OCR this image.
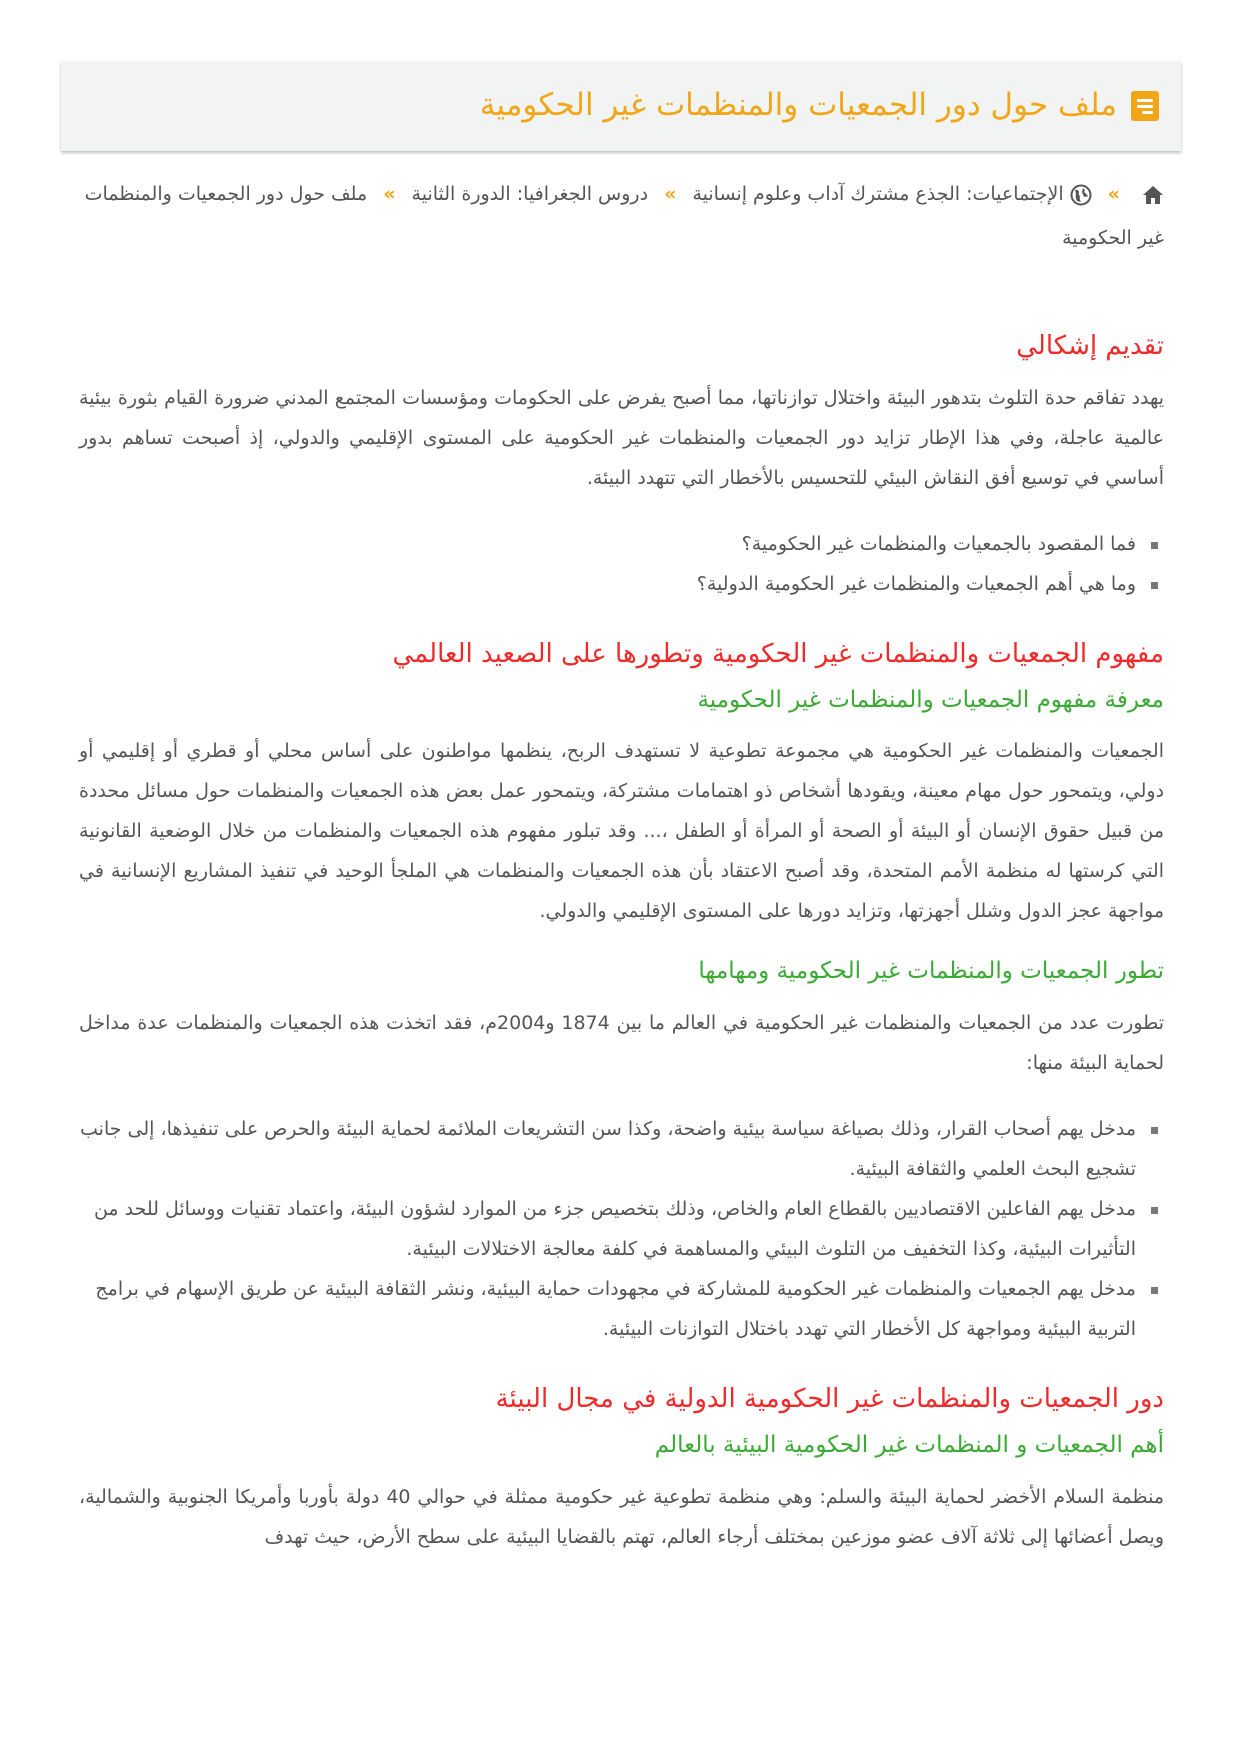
ملف حول دور الجمعيات والمنظمات غير الحكومية
» الإجتماعيات: الجذع مشترك آداب وعلوم إنسانية » دروس الجغرافيا: الدورة الثانية » ملف حول دور الجمعيات والمنظمات غير الحكومية
تقديم إشكالي

يهدد تفاقم حدة التلوث بتدهور البيئة واختلال توازناتها، مما أصبح يفرض على الحكومات ومؤسسات المجتمع المدني ضرورة القيام بثورة بيئية عالمية عاجلة، وفي هذا الإطار تزايد دور الجمعيات والمنظمات غير الحكومية على المستوى الإقليمي والدولي، إذ أصبحت تساهم بدور أساسي في توسيع أفق النقاش البيئي للتحسيس بالأخطار التي تتهدد البيئة.

فما المقصود بالجمعيات والمنظمات غير الحكومية؟
وما هي أهم الجمعيات والمنظمات غير الحكومية الدولية؟
مفهوم الجمعيات والمنظمات غير الحكومية وتطورها على الصعيد العالمي
معرفة مفهوم الجمعيات والمنظمات غير الحكومية

الجمعيات والمنظمات غير الحكومية هي مجموعة تطوعية لا تستهدف الربح، ينظمها مواطنون على أساس محلي أو قطري أو إقليمي أو دولي، ويتمحور حول مهام معينة، ويقودها أشخاص ذو اهتمامات مشتركة، ويتمحور عمل بعض هذه الجمعيات والمنظمات حول مسائل محددة من قبيل حقوق الإنسان أو البيئة أو الصحة أو المرأة أو الطفل ،... وقد تبلور مفهوم هذه الجمعيات والمنظمات من خلال الوضعية القانونية التي كرستها له منظمة الأمم المتحدة، وقد أصبح الاعتقاد بأن هذه الجمعيات والمنظمات هي الملجأ الوحيد في تنفيذ المشاريع الإنسانية في مواجهة عجز الدول وشلل أجهزتها، وتزايد دورها على المستوى الإقليمي والدولي.

تطور الجمعيات والمنظمات غير الحكومية ومهامها

تطورت عدد من الجمعيات والمنظمات غير الحكومية في العالم ما بين 1874 و2004م، فقد اتخذت هذه الجمعيات والمنظمات عدة مداخل لحماية البيئة منها:

مدخل يهم أصحاب القرار، وذلك بصياغة سياسة بيئية واضحة، وكذا سن التشريعات الملائمة لحماية البيئة والحرص على تنفيذها، إلى جانب تشجيع البحث العلمي والثقافة البيئية.
مدخل يهم الفاعلين الاقتصاديين بالقطاع العام والخاص، وذلك بتخصيص جزء من الموارد لشؤون البيئة، واعتماد تقنيات ووسائل للحد من التأثيرات البيئية، وكذا التخفيف من التلوث البيئي والمساهمة في كلفة معالجة الاختلالات البيئية.
مدخل يهم الجمعيات والمنظمات غير الحكومية للمشاركة في مجهودات حماية البيئية، ونشر الثقافة البيئية عن طريق الإسهام في برامج التربية البيئية ومواجهة كل الأخطار التي تهدد باختلال التوازنات البيئية.
دور الجمعيات والمنظمات غير الحكومية الدولية في مجال البيئة
أهم الجمعيات و المنظمات غير الحكومية البيئية بالعالم

منظمة السلام الأخضر لحماية البيئة والسلم: وهي منظمة تطوعية غير حكومية ممثلة في حوالي 40 دولة بأوربا وأمريكا الجنوبية والشمالية، ويصل أعضائها إلى ثلاثة آلاف عضو موزعين بمختلف أرجاء العالم، تهتم بالقضايا البيئية على سطح الأرض، حيث تهدف
